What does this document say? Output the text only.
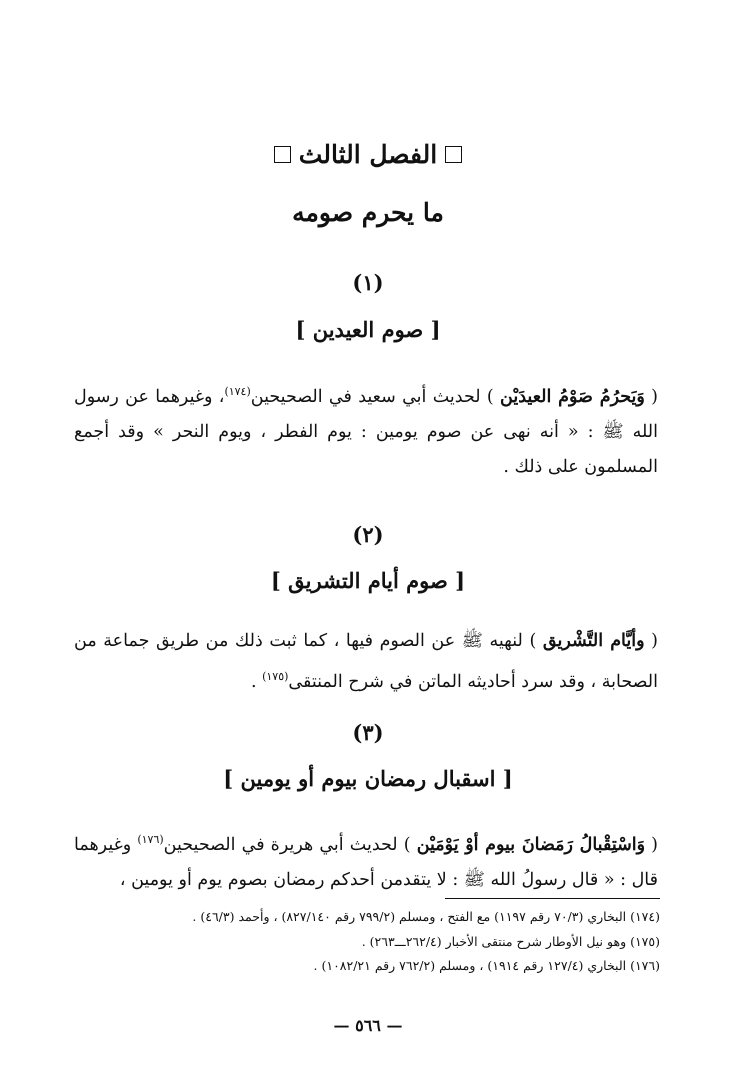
الفصل الثالث
ما يحرم صومه
(١)
[ صوم العيدين ]
( وَيَحرُمُ صَوْمُ العيدَيْن ) لحديث أبي سعيد في الصحيحين$^{(١٧٤)}$، وغيرهما عن رسول الله ﷺ : « أنه نهى عن صوم يومين : يوم الفطر ، ويوم النحر » وقد أجمع المسلمون على ذلك .
(٢)
[ صوم أيام التشريق ]
( وأيَّام التَّشْريق ) لنهيه ﷺ عن الصوم فيها ، كما ثبت ذلك من طريق جماعة من الصحابة ، وقد سرد أحاديثه الماتن في شرح المنتقى$^{(١٧٥)}$ .
(٣)
[ اسقبال رمضان بيوم أو يومين ]
( وَاسْتِقْبالُ رَمَضانَ بيوم أوْ يَوْمَيْن ) لحديث أبي هريرة في الصحيحين$^{(١٧٦)}$ وغيرهما قال : « قال رسولُ الله ﷺ : لا يتقدمن أحدكم رمضان بصوم يوم أو يومين ،
(١٧٤) البخاري (٧٠/٣ رقم ١١٩٧) مع الفتح ، ومسلم (٧٩٩/٢ رقم ٨٢٧/١٤٠) ، وأحمد (٤٦/٣) .
(١٧٥) وهو نيل الأوطار شرح منتقى الأخبار (٢٦٢/٤ـــ٢٦٣) .
(١٧٦) البخاري (١٢٧/٤ رقم ١٩١٤) ، ومسلم (٧٦٢/٢ رقم ١٠٨٢/٢١) .
— ٥٦٦ —
